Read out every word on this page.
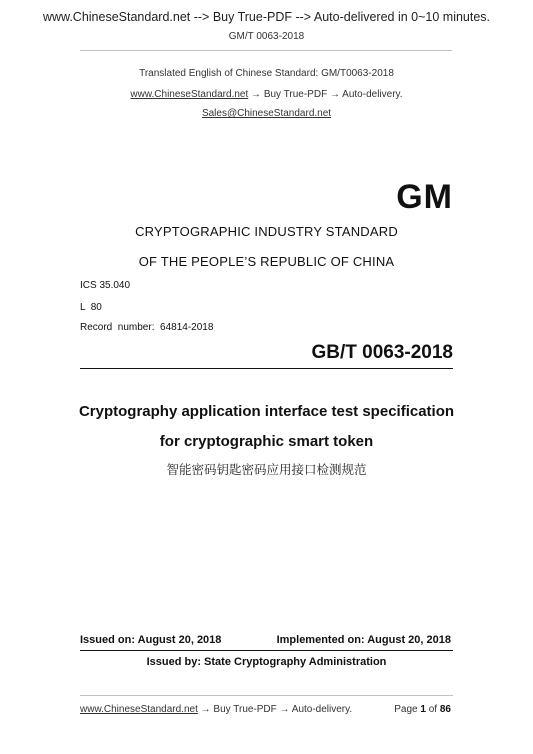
www.ChineseStandard.net --> Buy True-PDF --> Auto-delivered in 0~10 minutes.
GM/T 0063-2018
Translated English of Chinese Standard: GM/T0063-2018
www.ChineseStandard.net → Buy True-PDF → Auto-delivery.
Sales@ChineseStandard.net
GM
CRYPTOGRAPHIC INDUSTRY STANDARD
OF THE PEOPLE’S REPUBLIC OF CHINA
ICS 35.040
L  80
Record  number:  64814-2018
GB/T 0063-2018
Cryptography application interface test specification
for cryptographic smart token
智能密码钥匙密码应用接口检测规范
Issued on: August 20, 2018	Implemented on: August 20, 2018
Issued by: State Cryptography Administration
www.ChineseStandard.net → Buy True-PDF → Auto-delivery.	Page 1 of 86
